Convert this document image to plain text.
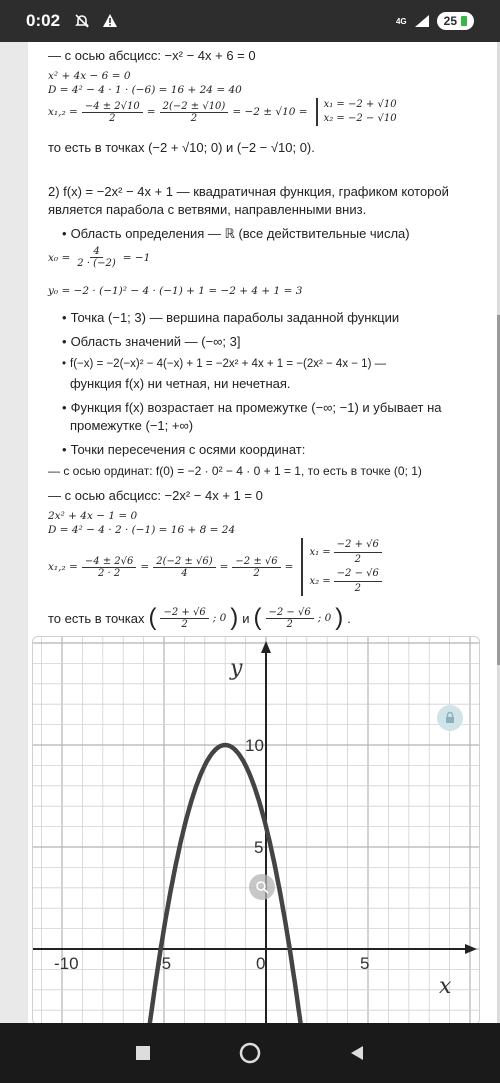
0:02	4G	25
— с осью абсцисс: −x² − 4x + 6 = 0
x² + 4x − 6 = 0
D = 4² − 4 · 1 · (−6) = 16 + 24 = 40
$x_1,_2 = \frac{-4 \pm 2√10}{2} = \frac{2(-2 \pm √10)}{2} = -2 \pm √10$ =
x₁ = −2 + √10
x₂ = −2 − √10
то есть в точках (−2 + √10; 0) и (−2 − √10; 0).
2) f(x) = −2x² − 4x + 1 — квадратичная функция, графиком которой
является парабола с ветвями, направленными вниз.
• Область определения — ℝ (все действительные числа)
$x_0 = \frac{4}{2 \cdot (-2)} = -1$
y₀ = −2 · (−1)² − 4 · (−1) + 1 = −2 + 4 + 1 = 3
• Точка (−1; 3) — вершина параболы заданной функции
• Область значений — (−∞; 3]
• f(−x) = −2(−x)² − 4(−x) + 1 = −2x² + 4x + 1 = −(2x² − 4x − 1) —
функция f(x) ни четная, ни нечетная.
• Функция f(x) возрастает на промежутке (−∞; −1) и убывает на
промежутке (−1; +∞)
• Точки пересечения с осями координат:
— с осью ординат: f(0) = −2 · 0² − 4 · 0 + 1 = 1, то есть в точке (0; 1)
— с осью абсцисс: −2x² − 4x + 1 = 0
2x² + 4x − 1 = 0
D = 4² − 4 · 2 · (−1) = 16 + 8 = 24
$x_1,_2 = \frac{-4 \pm 2√6}{2 \cdot 2} = \frac{2(-2 \pm √6)}{4} = \frac{-2 \pm √6}{2}$ =
$x_1 = \frac{-2 + √6}{2}$
$x_2 = \frac{-2 - √6}{2}$
то есть в точках ( $\frac{-2 + √6}{2}$ ; 0 ) и ( $\frac{-2 - √6}{2}$ ; 0 ) .
-10	-5	0	5
5
10
x
y
